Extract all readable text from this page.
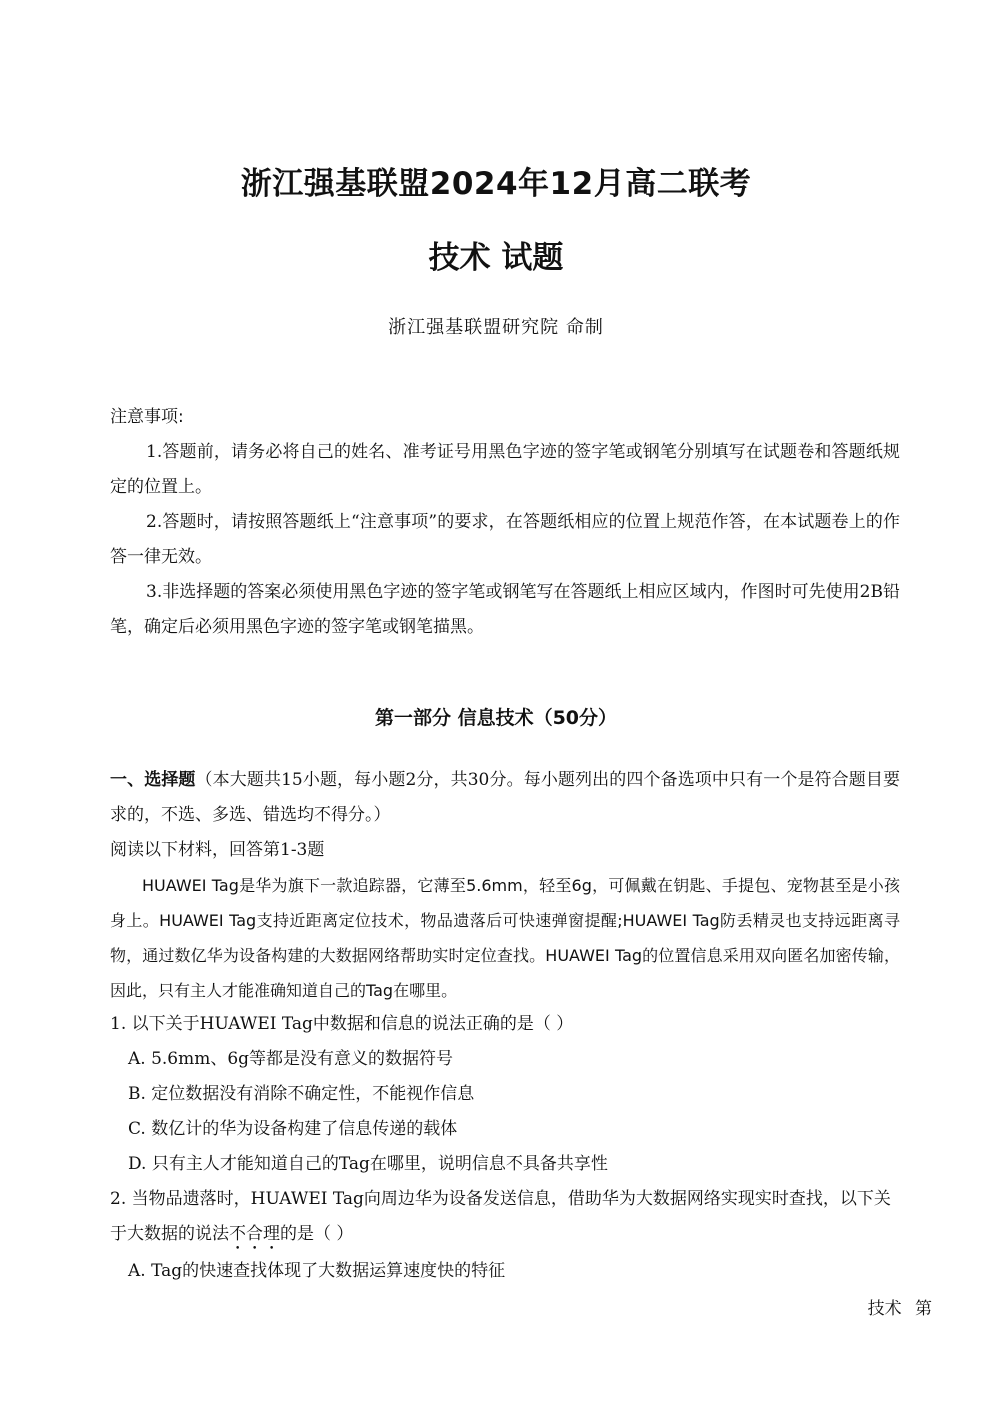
浙江强基联盟2024年12月高二联考
技术 试题
浙江强基联盟研究院 命制
注意事项:

1.答题前，请务必将自己的姓名、准考证号用黑色字迹的签字笔或钢笔分别填写在试题卷和答题纸规定的位置上。

2.答题时，请按照答题纸上“注意事项”的要求，在答题纸相应的位置上规范作答，在本试题卷上的作答一律无效。

3.非选择题的答案必须使用黑色字迹的签字笔或钢笔写在答题纸上相应区域内，作图时可先使用2B铅笔，确定后必须用黑色字迹的签字笔或钢笔描黑。

第一部分 信息技术（50分）
一、选择题（本大题共15小题，每小题2分，共30分。每小题列出的四个备选项中只有一个是符合题目要求的，不选、多选、错选均不得分。）
阅读以下材料，回答第1-3题

HUAWEI Tag是华为旗下一款追踪器，它薄至5.6mm，轻至6g，可佩戴在钥匙、手提包、宠物甚至是小孩身上。HUAWEI Tag支持近距离定位技术，物品遗落后可快速弹窗提醒;HUAWEI Tag防丢精灵也支持远距离寻物，通过数亿华为设备构建的大数据网络帮助实时定位查找。HUAWEI Tag的位置信息采用双向匿名加密传输，因此，只有主人才能准确知道自己的Tag在哪里。

1. 以下关于HUAWEI Tag中数据和信息的说法正确的是（ ）

A. 5.6mm、6g等都是没有意义的数据符号

B. 定位数据没有消除不确定性，不能视作信息

C. 数亿计的华为设备构建了信息传递的载体

D. 只有主人才能知道自己的Tag在哪里，说明信息不具备共享性

2. 当物品遗落时，HUAWEI Tag向周边华为设备发送信息，借助华为大数据网络实现实时查找，以下关于大数据的说法不合理的是（ ）

A. Tag的快速查找体现了大数据运算速度快的特征

技术 第
